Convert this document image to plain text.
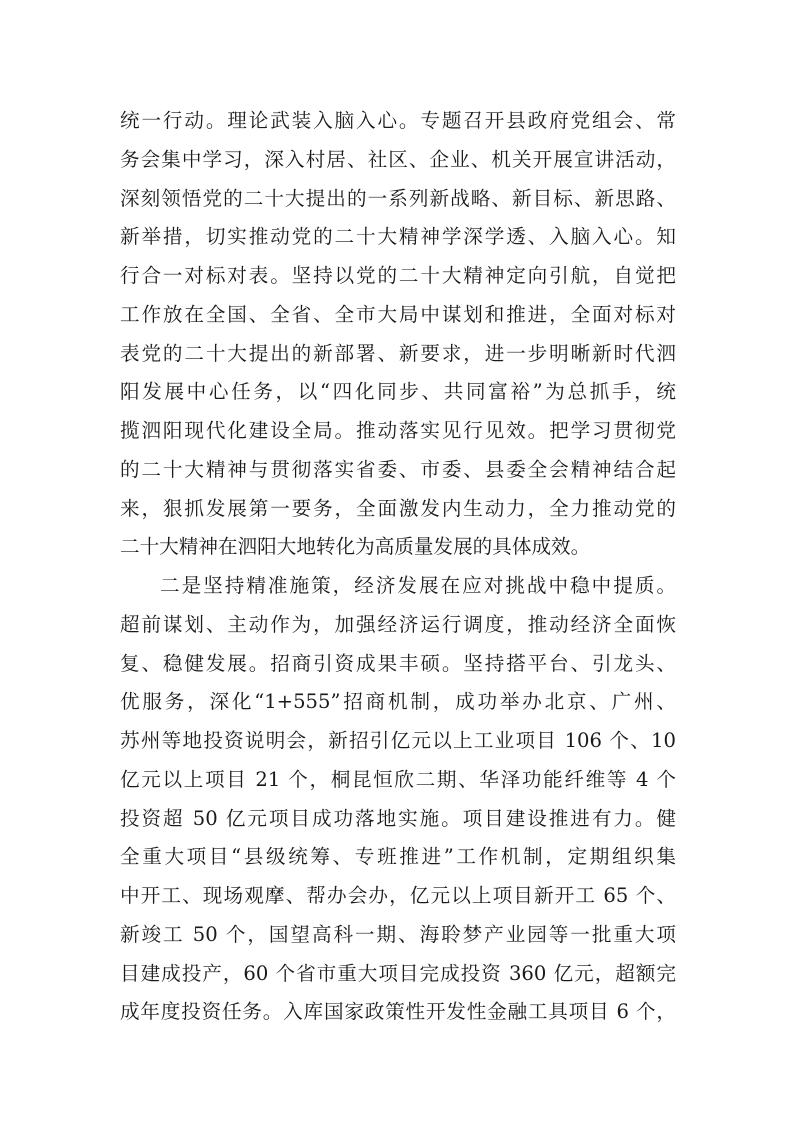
统一行动。理论武装入脑入心。专题召开县政府党组会、常
务会集中学习，深入村居、社区、企业、机关开展宣讲活动，
深刻领悟党的二十大提出的一系列新战略、新目标、新思路、
新举措，切实推动党的二十大精神学深学透、入脑入心。知
行合一对标对表。坚持以党的二十大精神定向引航，自觉把
工作放在全国、全省、全市大局中谋划和推进，全面对标对
表党的二十大提出的新部署、新要求，进一步明晰新时代泗
阳发展中心任务，以“四化同步、共同富裕”为总抓手，统
揽泗阳现代化建设全局。推动落实见行见效。把学习贯彻党
的二十大精神与贯彻落实省委、市委、县委全会精神结合起
来，狠抓发展第一要务，全面激发内生动力，全力推动党的
二十大精神在泗阳大地转化为高质量发展的具体成效。
二是坚持精准施策，经济发展在应对挑战中稳中提质。
超前谋划、主动作为，加强经济运行调度，推动经济全面恢
复、稳健发展。招商引资成果丰硕。坚持搭平台、引龙头、
优服务，深化“1+555”招商机制，成功举办北京、广州、
苏州等地投资说明会，新招引亿元以上工业项目 106 个、10
亿元以上项目 21 个，桐昆恒欣二期、华泽功能纤维等 4 个
投资超 50 亿元项目成功落地实施。项目建设推进有力。健
全重大项目“县级统筹、专班推进”工作机制，定期组织集
中开工、现场观摩、帮办会办，亿元以上项目新开工 65 个、
新竣工 50 个，国望高科一期、海聆梦产业园等一批重大项
目建成投产，60 个省市重大项目完成投资 360 亿元，超额完
成年度投资任务。入库国家政策性开发性金融工具项目 6 个，
